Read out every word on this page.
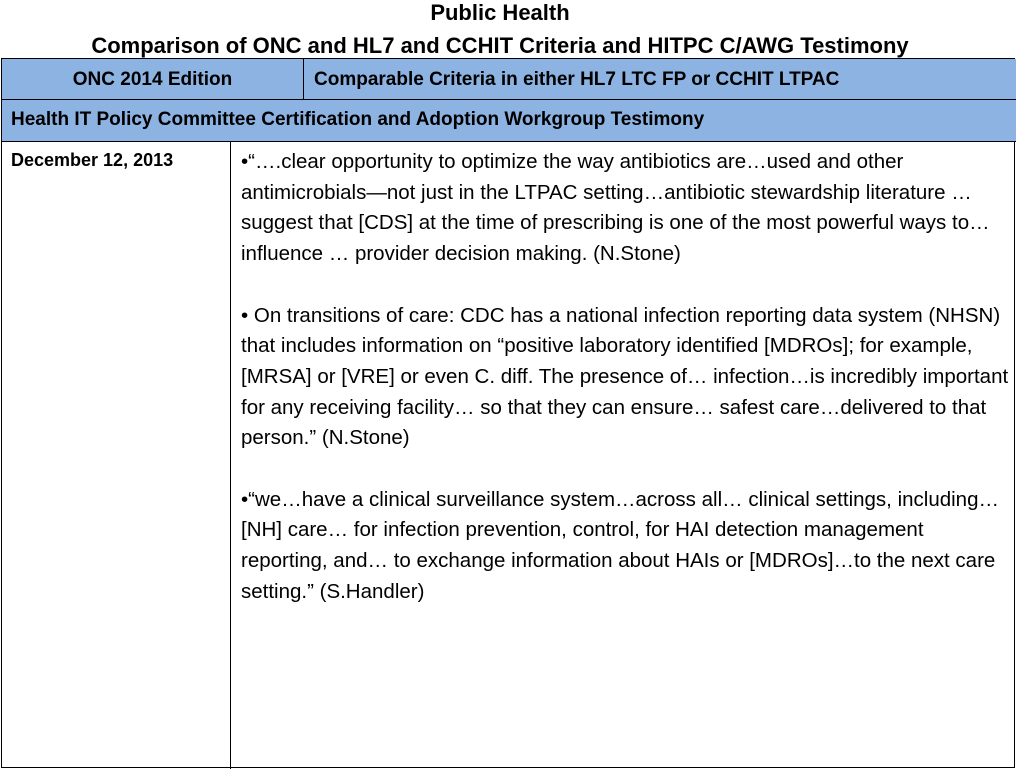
Public Health
Comparison of ONC and HL7 and CCHIT Criteria and HITPC C/AWG Testimony
ONC 2014 Edition	Comparable Criteria in either HL7 LTC FP or CCHIT LTPAC
Health IT Policy Committee Certification and Adoption Workgroup Testimony
December 12, 2013	•“….clear opportunity to optimize the way antibiotics are…used and other antimicrobials—not just in the LTPAC setting…antibiotic stewardship literature … suggest that [CDS] at the time of prescribing is one of the most powerful ways to…influence … provider decision making. (N.Stone)

• On transitions of care: CDC has a national infection reporting data system (NHSN) that includes information on “positive laboratory identified [MDROs]; for example, [MRSA] or [VRE] or even C. diff. The presence of… infection…is incredibly important for any receiving facility… so that they can ensure… safest care…delivered to that person.” (N.Stone)

•“we…have a clinical surveillance system…across all… clinical settings, including…[NH] care… for infection prevention, control, for HAI detection management reporting, and… to exchange information about HAIs or [MDROs]…to the next care setting.” (S.Handler)
